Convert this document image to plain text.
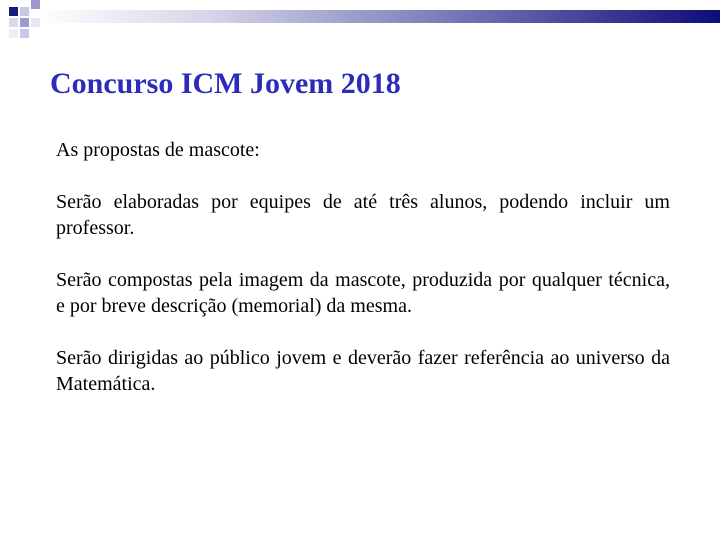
Concurso ICM Jovem 2018

As propostas de mascote:

Serão elaboradas por equipes de até três alunos, podendo incluir um professor.

Serão compostas pela imagem da mascote, produzida por qualquer técnica, e por breve descrição (memorial) da mesma.

Serão dirigidas ao público jovem e deverão fazer referência ao universo da Matemática.
